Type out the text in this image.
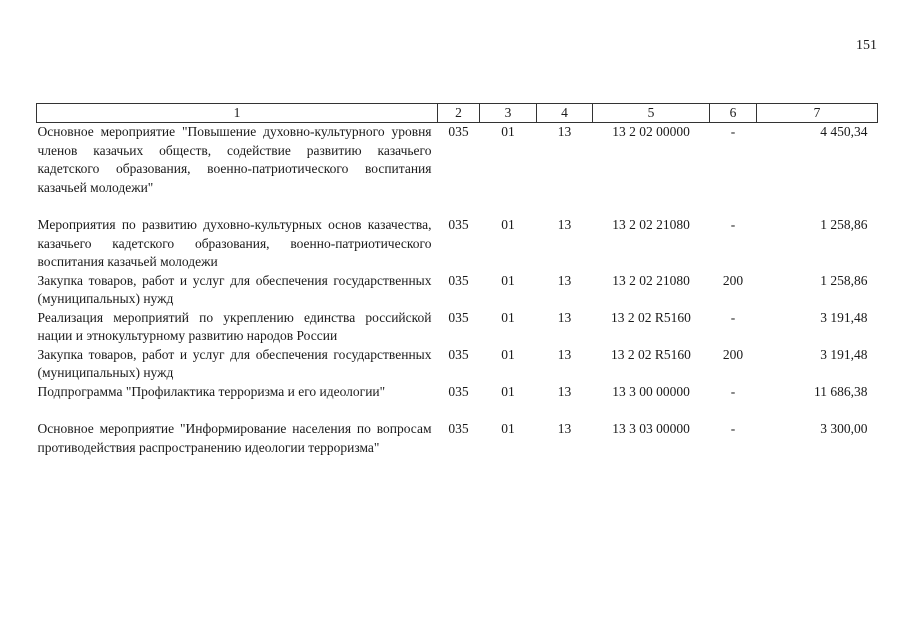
151
1	2	3	4	5	6	7
Основное мероприятие "Повышение духовно-культурного уровня членов казачьих обществ, содействие развитию казачьего кадетского образования, военно-патриотического воспитания казачьей молодежи"	035	01	13	13 2 02 00000	-	4 450,34
Мероприятия по развитию духовно-культурных основ казачества, казачьего кадетского образования, военно-патриотического воспитания казачьей молодежи	035	01	13	13 2 02 21080	-	1 258,86
Закупка товаров, работ и услуг для обеспечения государственных (муниципальных) нужд	035	01	13	13 2 02 21080	200	1 258,86
Реализация мероприятий по укреплению единства российской нации и этнокультурному развитию народов России	035	01	13	13 2 02 R5160	-	3 191,48
Закупка товаров, работ и услуг для обеспечения государственных (муниципальных) нужд	035	01	13	13 2 02 R5160	200	3 191,48
Подпрограмма "Профилактика терроризма и его идеологии"	035	01	13	13 3 00 00000	-	11 686,38
Основное мероприятие "Информирование населения по вопросам противодействия распространению идеологии терроризма"	035	01	13	13 3 03 00000	-	3 300,00
